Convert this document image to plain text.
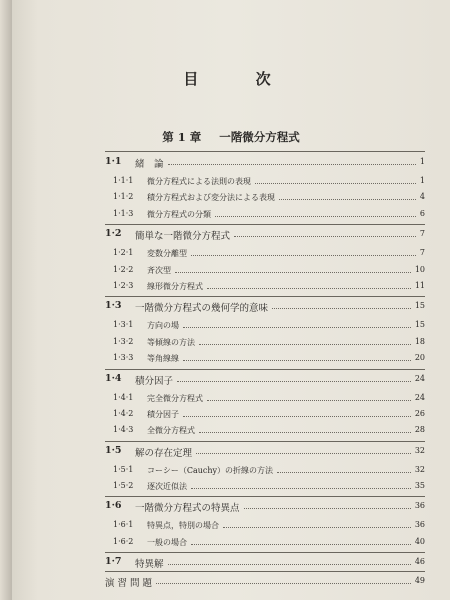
目 次
第 1 章 一階微分方程式
1·1 緒　論	1
1·1·1 微分方程式による法則の表現	1
1·1·2 積分方程式および変分法による表現	4
1·1·3 微分方程式の分類	6
1·2 簡単な一階微分方程式	7
1·2·1 変数分離型	7
1·2·2 斉次型	10
1·2·3 線形微分方程式	11
1·3 一階微分方程式の幾何学的意味	15
1·3·1 方向の場	15
1·3·2 等傾線の方法	18
1·3·3 等角線線	20
1·4 積分因子	24
1·4·1 完全微分方程式	24
1·4·2 積分因子	26
1·4·3 全微分方程式	28
1·5 解の存在定理	32
1·5·1 コーシー（Cauchy）の折線の方法	32
1·5·2 逐次近似法	35
1·6 一階微分方程式の特異点	36
1·6·1 特異点，特別の場合	36
1·6·2 一般の場合	40
1·7 特異解	46
演 習 問 題	49
